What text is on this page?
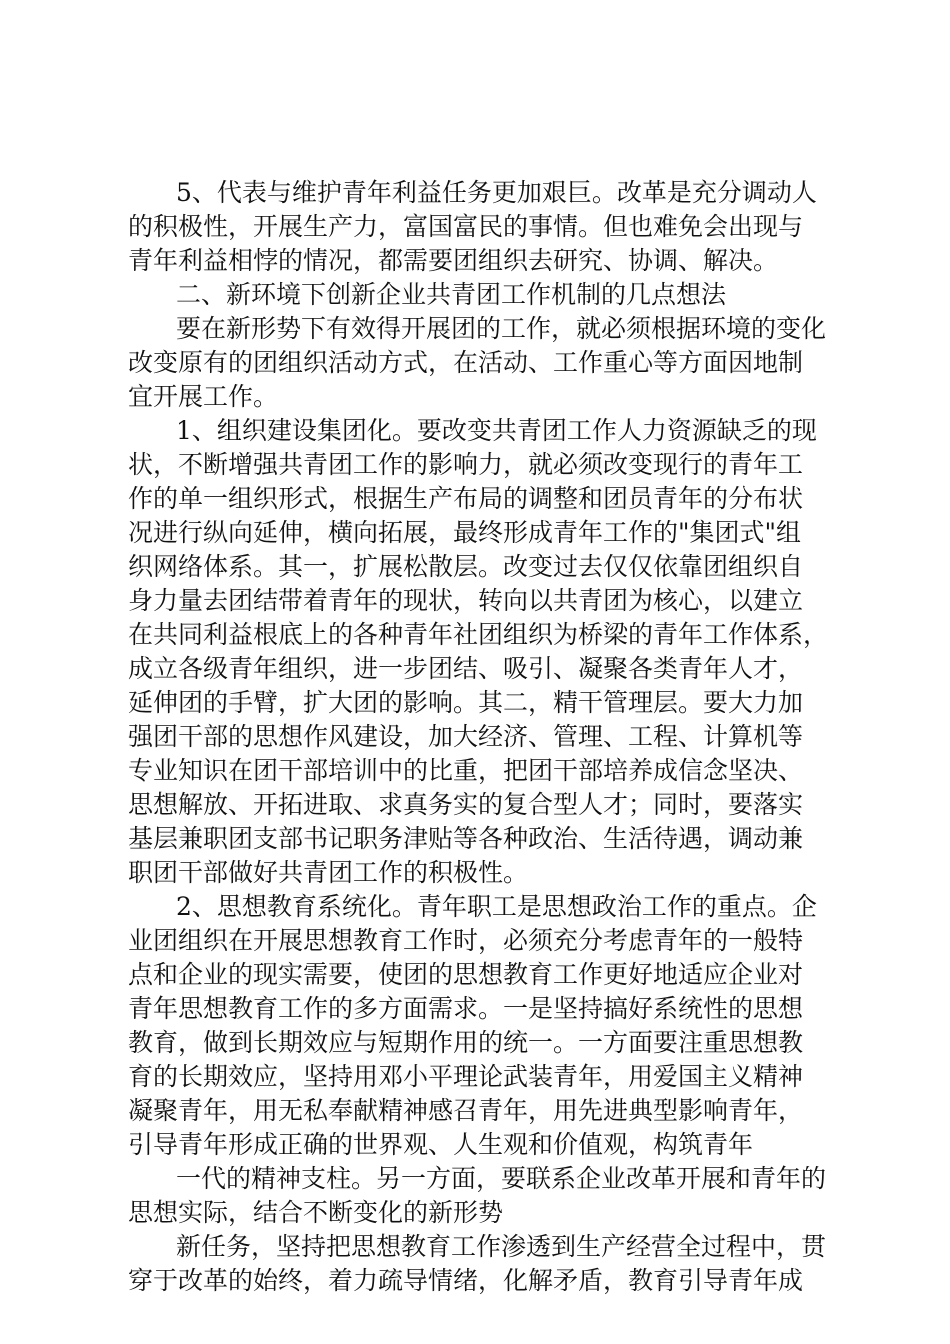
5、代表与维护青年利益任务更加艰巨。改革是充分调动人
的积极性，开展生产力，富国富民的事情。但也难免会出现与
青年利益相悖的情况，都需要团组织去研究、协调、解决。
二、新环境下创新企业共青团工作机制的几点想法
要在新形势下有效得开展团的工作，就必须根据环境的变化
改变原有的团组织活动方式，在活动、工作重心等方面因地制
宜开展工作。
1、组织建设集团化。要改变共青团工作人力资源缺乏的现
状，不断增强共青团工作的影响力，就必须改变现行的青年工
作的单一组织形式，根据生产布局的调整和团员青年的分布状
况进行纵向延伸，横向拓展，最终形成青年工作的"集团式"组
织网络体系。其一，扩展松散层。改变过去仅仅依靠团组织自
身力量去团结带着青年的现状，转向以共青团为核心，以建立
在共同利益根底上的各种青年社团组织为桥梁的青年工作体系，
成立各级青年组织，进一步团结、吸引、凝聚各类青年人才，
延伸团的手臂，扩大团的影响。其二，精干管理层。要大力加
强团干部的思想作风建设，加大经济、管理、工程、计算机等
专业知识在团干部培训中的比重，把团干部培养成信念坚决、
思想解放、开拓进取、求真务实的复合型人才；同时，要落实
基层兼职团支部书记职务津贴等各种政治、生活待遇，调动兼
职团干部做好共青团工作的积极性。
2、思想教育系统化。青年职工是思想政治工作的重点。企
业团组织在开展思想教育工作时，必须充分考虑青年的一般特
点和企业的现实需要，使团的思想教育工作更好地适应企业对
青年思想教育工作的多方面需求。一是坚持搞好系统性的思想
教育，做到长期效应与短期作用的统一。一方面要注重思想教
育的长期效应，坚持用邓小平理论武装青年，用爱国主义精神
凝聚青年，用无私奉献精神感召青年，用先进典型影响青年，
引导青年形成正确的世界观、人生观和价值观，构筑青年
一代的精神支柱。另一方面，要联系企业改革开展和青年的
思想实际，结合不断变化的新形势
新任务，坚持把思想教育工作渗透到生产经营全过程中，贯
穿于改革的始终，着力疏导情绪，化解矛盾，教育引导青年成
